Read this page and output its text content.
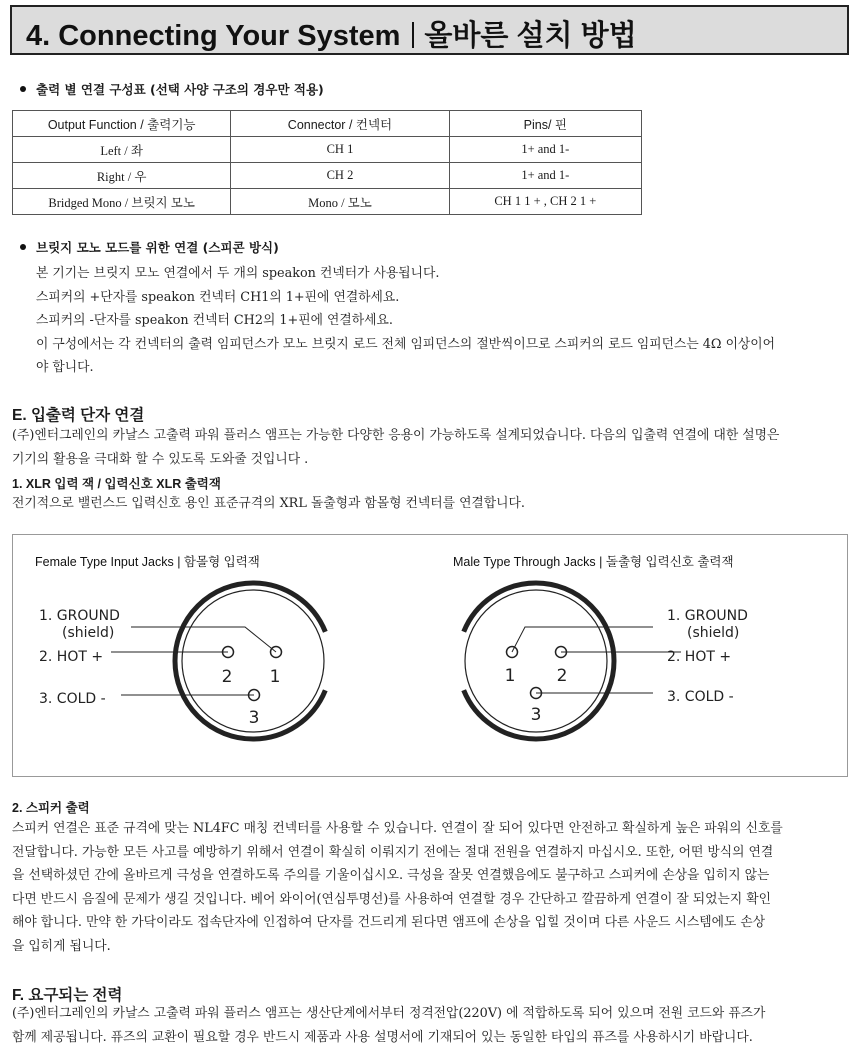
4. Connecting Your System 올바른 설치 방법
출력 별 연결 구성표 (선택 사양 구조의 경우만 적용)
Output Function / 출력기능	Connector / 컨넥터	Pins/ 핀
Left / 좌	CH 1	1+ and 1-
Right / 우	CH 2	1+ and 1-
Bridged Mono / 브릿지 모노	Mono / 모노	CH 1 1 + , CH 2 1 +
브릿지 모노 모드를 위한 연결 (스피콘 방식)
본 기기는 브릿지 모노 연결에서 두 개의 speakon 컨넥터가 사용됩니다.
스피커의 +단자를 speakon 컨넥터 CH1의 1+핀에 연결하세요.
스피커의 -단자를 speakon 컨넥터 CH2의 1+핀에 연결하세요.
이 구성에서는 각 컨넥터의 출력 임피던스가 모노 브릿지 로드 전체 임피던스의 절반씩이므로 스피커의 로드 임피던스는 4Ω 이상이어
야 합니다.
E. 입출력 단자 연결
(주)엔터그레인의 카날스 고출력 파워 플러스 앰프는 가능한 다양한 응용이 가능하도록 설계되었습니다. 다음의 입출력 연결에 대한 설명은
기기의 활용을 극대화 할 수 있도록 도와줄 것입니다 .
1. XLR 입력 잭 / 입력신호 XLR 출력잭
전기적으로 밸런스드 입력신호 용인 표준규격의 XRL 돌출형과 함몰형 컨넥터를 연결합니다.
Female Type Input Jacks | 함몰형 입력잭	Male Type Through Jacks | 돌출형 입력신호 출력잭
1
2
3
1. GROUND
(shield)
2. HOT +
3. COLD -
1 2
3
1. GROUND
(shield)
2. HOT +
3. COLD -
2. 스피커 출력
스피커 연결은 표준 규격에 맞는 NL4FC 매칭 컨넥터를 사용할 수 있습니다. 연결이 잘 되어 있다면 안전하고 확실하게 높은 파워의 신호를
전달합니다. 가능한 모든 사고를 예방하기 위해서 연결이 확실히 이뤄지기 전에는 절대 전원을 연결하지 마십시오. 또한, 어떤 방식의 연결
을 선택하셨던 간에 올바르게 극성을 연결하도록 주의를 기울이십시오. 극성을 잘못 연결했음에도 불구하고 스피커에 손상을 입히지 않는
다면 반드시 음질에 문제가 생길 것입니다. 베어 와이어(연심투명선)를 사용하여 연결할 경우 간단하고 깔끔하게 연결이 잘 되었는지 확인
해야 합니다. 만약 한 가닥이라도 접속단자에 인접하여 단자를 건드리게 된다면 앰프에 손상을 입힐 것이며 다른 사운드 시스템에도 손상
을 입히게 됩니다.
F. 요구되는 전력
(주)엔터그레인의 카날스 고출력 파워 플러스 앰프는 생산단계에서부터 정격전압(220V) 에 적합하도록 되어 있으며 전원 코드와 퓨즈가
함께 제공됩니다. 퓨즈의 교환이 필요할 경우 반드시 제품과 사용 설명서에 기재되어 있는 동일한 타입의 퓨즈를 사용하시기 바랍니다.
